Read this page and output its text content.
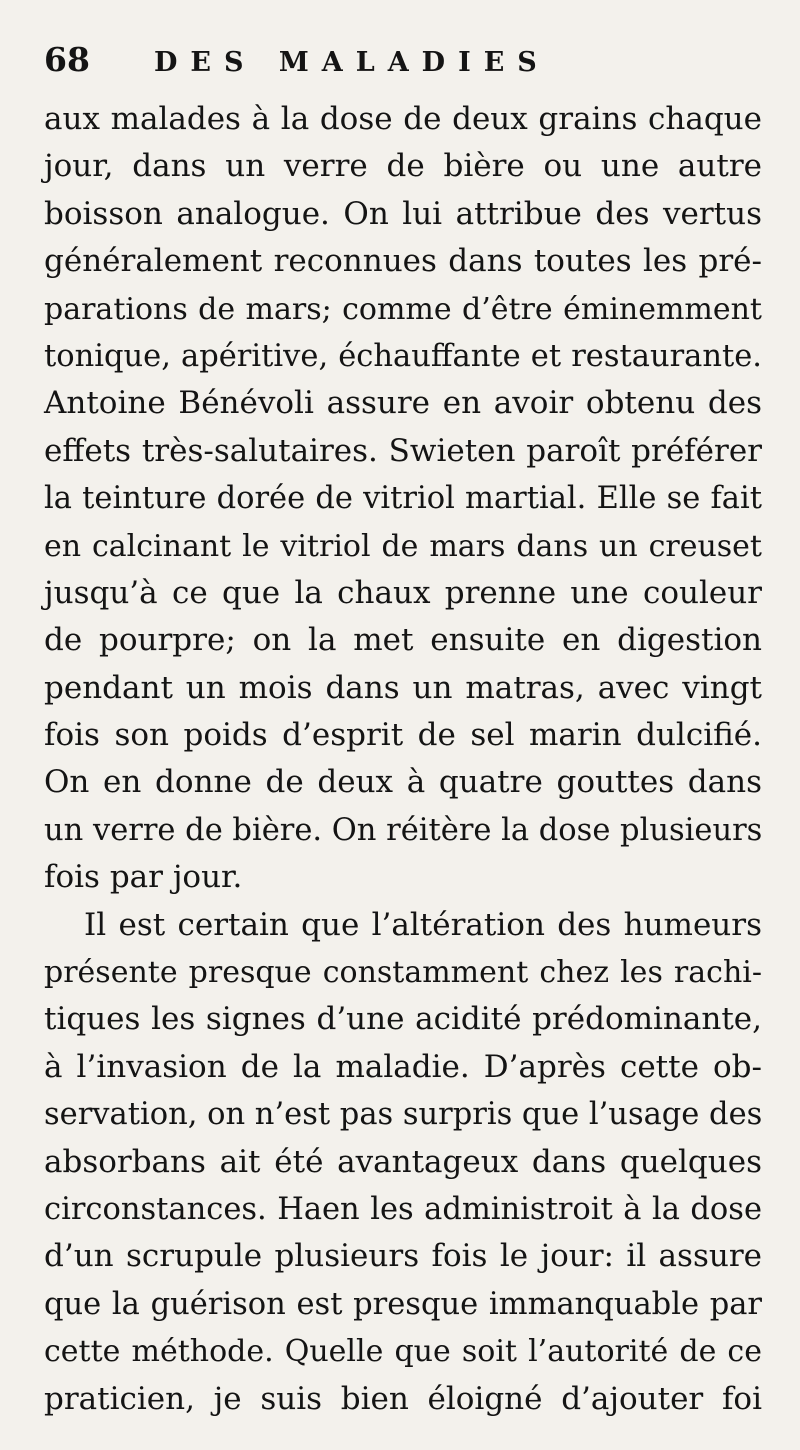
68	DES MALADIES
aux malades à la dose de deux grains chaque
jour, dans un verre de bière ou une autre
boisson analogue. On lui attribue des vertus
généralement reconnues dans toutes les pré-
parations de mars; comme d’être éminemment
tonique, apéritive, échauffante et restaurante.
Antoine Bénévoli assure en avoir obtenu des
effets très-salutaires. Swieten paroît préférer
la teinture dorée de vitriol martial. Elle se fait
en calcinant le vitriol de mars dans un creuset
jusqu’à ce que la chaux prenne une couleur
de pourpre; on la met ensuite en digestion
pendant un mois dans un matras, avec vingt
fois son poids d’esprit de sel marin dulcifié.
On en donne de deux à quatre gouttes dans
un verre de bière. On réitère la dose plusieurs
fois par jour.
Il est certain que l’altération des humeurs
présente presque constamment chez les rachi-
tiques les signes d’une acidité prédominante,
à l’invasion de la maladie. D’après cette ob-
servation, on n’est pas surpris que l’usage des
absorbans ait été avantageux dans quelques
circonstances. Haen les administroit à la dose
d’un scrupule plusieurs fois le jour: il assure
que la guérison est presque immanquable par
cette méthode. Quelle que soit l’autorité de ce
praticien, je suis bien éloigné d’ajouter foi
